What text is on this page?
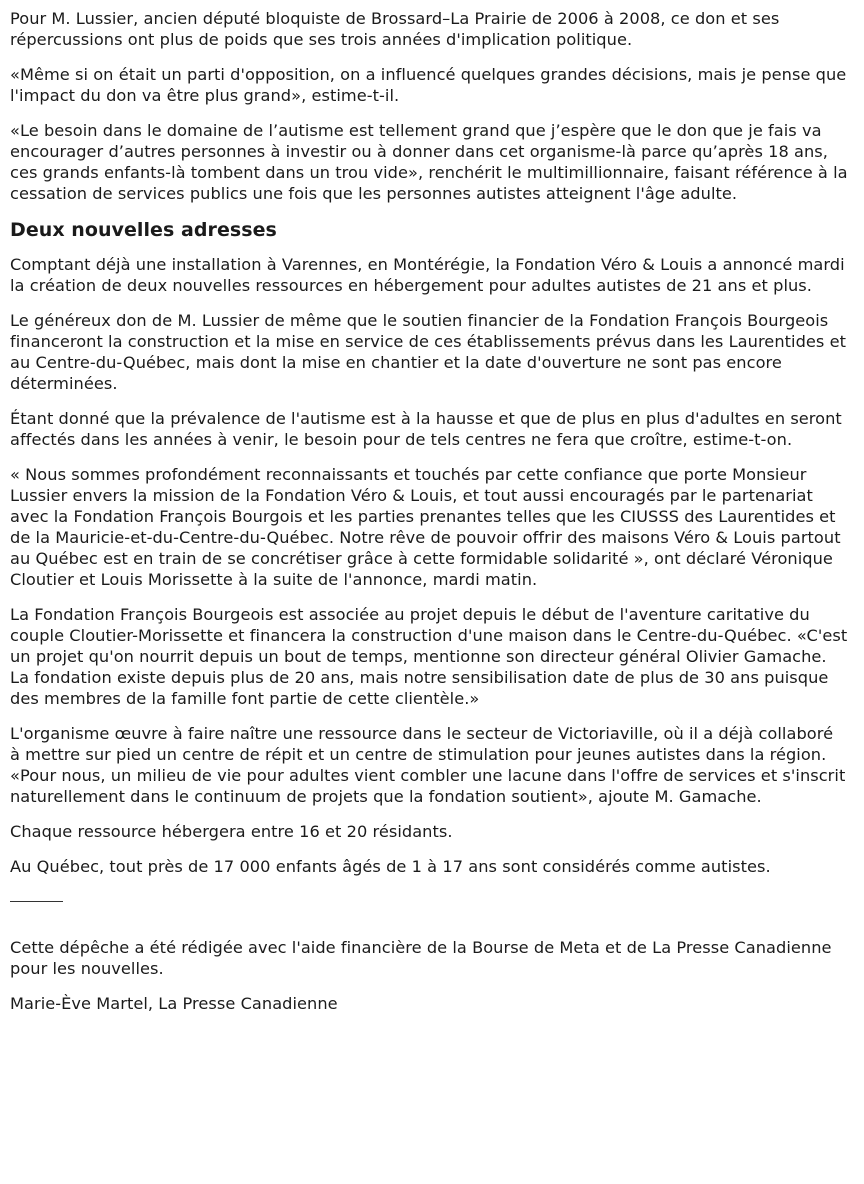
Pour M. Lussier, ancien député bloquiste de Brossard–La Prairie de 2006 à 2008, ce don et ses répercussions ont plus de poids que ses trois années d'implication politique.

«Même si on était un parti d'opposition, on a influencé quelques grandes décisions, mais je pense que l'impact du don va être plus grand», estime-t-il.

«Le besoin dans le domaine de l’autisme est tellement grand que j’espère que le don que je fais va encourager d’autres personnes à investir ou à donner dans cet organisme-là parce qu’après 18 ans, ces grands enfants-là tombent dans un trou vide», renchérit le multimillionnaire, faisant référence à la cessation de services publics une fois que les personnes autistes atteignent l'âge adulte.

Deux nouvelles adresses

Comptant déjà une installation à Varennes, en Montérégie, la Fondation Véro & Louis a annoncé mardi la création de deux nouvelles ressources en hébergement pour adultes autistes de 21 ans et plus.

Le généreux don de M. Lussier de même que le soutien financier de la Fondation François Bourgeois financeront la construction et la mise en service de ces établissements prévus dans les Laurentides et au Centre-du-Québec, mais dont la mise en chantier et la date d'ouverture ne sont pas encore déterminées.

Étant donné que la prévalence de l'autisme est à la hausse et que de plus en plus d'adultes en seront affectés dans les années à venir, le besoin pour de tels centres ne fera que croître, estime-t-on.

« Nous sommes profondément reconnaissants et touchés par cette confiance que porte Monsieur Lussier envers la mission de la Fondation Véro & Louis, et tout aussi encouragés par le partenariat avec la Fondation François Bourgois et les parties prenantes telles que les CIUSSS des Laurentides et de la Mauricie-et-du-Centre-du-Québec. Notre rêve de pouvoir offrir des maisons Véro & Louis partout au Québec est en train de se concrétiser grâce à cette formidable solidarité », ont déclaré Véronique Cloutier et Louis Morissette à la suite de l'annonce, mardi matin.

La Fondation François Bourgeois est associée au projet depuis le début de l'aventure caritative du couple Cloutier-Morissette et financera la construction d'une maison dans le Centre-du-Québec. «C'est un projet qu'on nourrit depuis un bout de temps, mentionne son directeur général Olivier Gamache. La fondation existe depuis plus de 20 ans, mais notre sensibilisation date de plus de 30 ans puisque des membres de la famille font partie de cette clientèle.»

L'organisme œuvre à faire naître une ressource dans le secteur de Victoriaville, où il a déjà collaboré à mettre sur pied un centre de répit et un centre de stimulation pour jeunes autistes dans la région. «Pour nous, un milieu de vie pour adultes vient combler une lacune dans l'offre de services et s'inscrit naturellement dans le continuum de projets que la fondation soutient», ajoute M. Gamache.

Chaque ressource hébergera entre 16 et 20 résidants.

Au Québec, tout près de 17 000 enfants âgés de 1 à 17 ans sont considérés comme autistes.

Cette dépêche a été rédigée avec l'aide financière de la Bourse de Meta et de La Presse Canadienne pour les nouvelles.

Marie-Ève Martel, La Presse Canadienne
